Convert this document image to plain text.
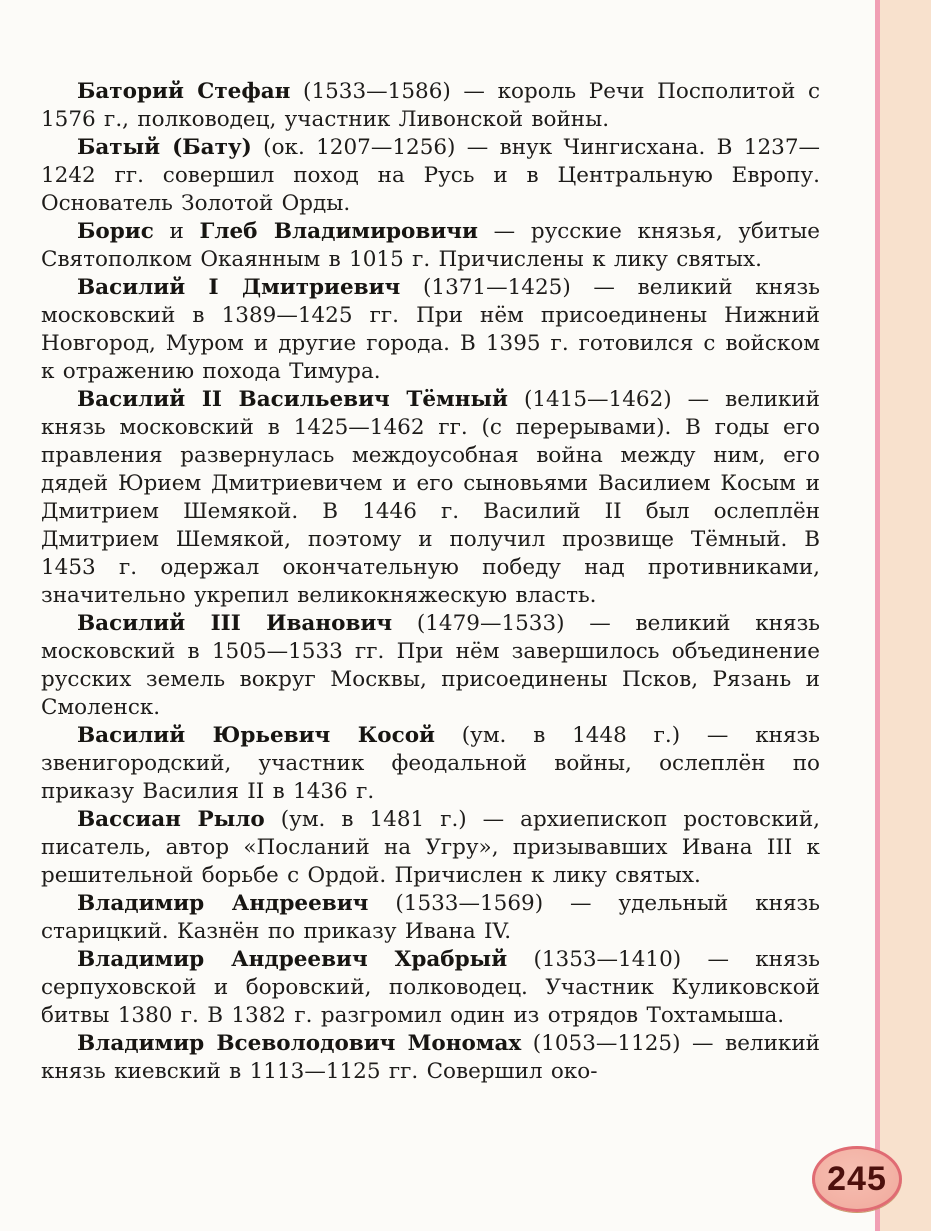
Баторий Стефан (1533—1586) — король Речи Посполитой с 1576 г., полководец, участник Ливонской войны.

Батый (Бату) (ок. 1207—1256) — внук Чингисхана. В 1237—1242 гг. совершил поход на Русь и в Центральную Европу. Основатель Золотой Орды.

Борис и Глеб Владимировичи — русские князья, убитые Святополком Окаянным в 1015 г. Причислены к лику святых.

Василий I Дмитриевич (1371—1425) — великий князь московский в 1389—1425 гг. При нём присоединены Нижний Новгород, Муром и другие города. В 1395 г. готовился с войском к отражению похода Тимура.

Василий II Васильевич Тёмный (1415—1462) — великий князь московский в 1425—1462 гг. (с перерывами). В годы его правления развернулась междоусобная война между ним, его дядей Юрием Дмитриевичем и его сыновьями Василием Косым и Дмитрием Шемякой. В 1446 г. Василий II был ослеплён Дмитрием Шемякой, поэтому и получил прозвище Тёмный. В 1453 г. одержал окончательную победу над противниками, значительно укрепил великокняжескую власть.

Василий III Иванович (1479—1533) — великий князь московский в 1505—1533 гг. При нём завершилось объединение русских земель вокруг Москвы, присоединены Псков, Рязань и Смоленск.

Василий Юрьевич Косой (ум. в 1448 г.) — князь звенигородский, участник феодальной войны, ослеплён по приказу Василия II в 1436 г.

Вассиан Рыло (ум. в 1481 г.) — архиепископ ростовский, писатель, автор «Посланий на Угру», призывавших Ивана III к решительной борьбе с Ордой. Причислен к лику святых.

Владимир Андреевич (1533—1569) — удельный князь старицкий. Казнён по приказу Ивана IV.

Владимир Андреевич Храбрый (1353—1410) — князь серпуховской и боровский, полководец. Участник Куликовской битвы 1380 г. В 1382 г. разгромил один из отрядов Тохтамыша.

Владимир Всеволодович Мономах (1053—1125) — великий князь киевский в 1113—1125 гг. Совершил око-

245
